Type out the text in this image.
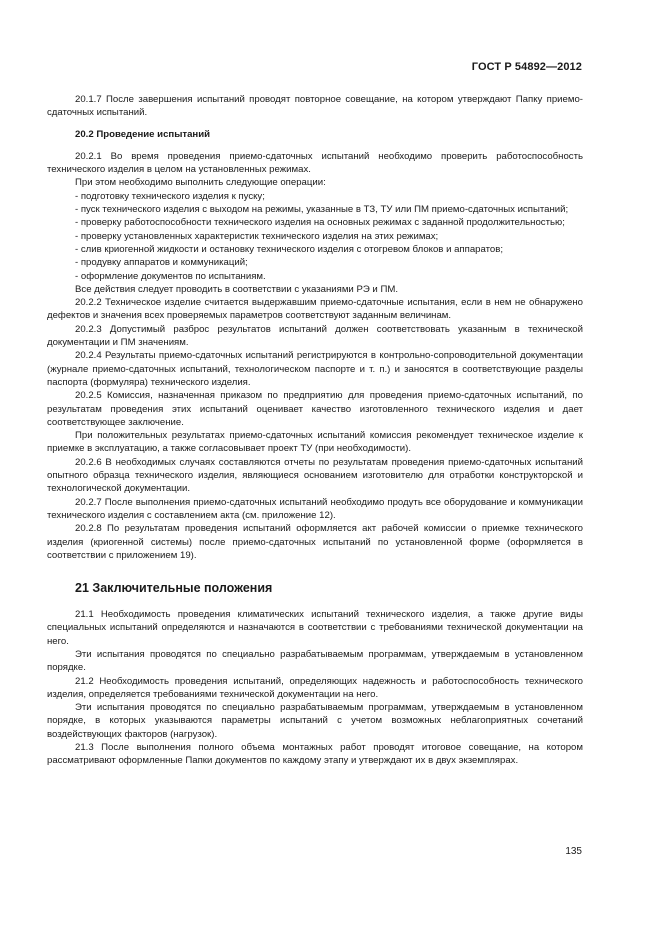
ГОСТ Р 54892—2012

20.1.7 После завершения испытаний проводят повторное совещание, на котором утверждают Папку приемо-сдаточных испытаний.

20.2 Проведение испытаний

20.2.1 Во время проведения приемо-сдаточных испытаний необходимо проверить работоспособность технического изделия в целом на установленных режимах.

При этом необходимо выполнить следующие операции:

- подготовку технического изделия к пуску;

- пуск технического изделия с выходом на режимы, указанные в ТЗ, ТУ или ПМ приемо-сдаточных испытаний;

- проверку работоспособности технического изделия на основных режимах с заданной продолжительностью;

- проверку установленных характеристик технического изделия на этих режимах;

- слив криогенной жидкости и остановку технического изделия с отогревом блоков и аппаратов;

- продувку аппаратов и коммуникаций;

- оформление документов по испытаниям.

Все действия следует проводить в соответствии с указаниями РЭ и ПМ.

20.2.2 Техническое изделие считается выдержавшим приемо-сдаточные испытания, если в нем не обнаружено дефектов и значения всех проверяемых параметров соответствуют заданным величинам.

20.2.3 Допустимый разброс результатов испытаний должен соответствовать указанным в технической документации и ПМ значениям.

20.2.4 Результаты приемо-сдаточных испытаний регистрируются в контрольно-сопроводительной документации (журнале приемо-сдаточных испытаний, технологическом паспорте и т. п.) и заносятся в соответствующие разделы паспорта (формуляра) технического изделия.

20.2.5 Комиссия, назначенная приказом по предприятию для проведения приемо-сдаточных испытаний, по результатам проведения этих испытаний оценивает качество изготовленного технического изделия и дает соответствующее заключение.

При положительных результатах приемо-сдаточных испытаний комиссия рекомендует техническое изделие к приемке в эксплуатацию, а также согласовывает проект ТУ (при необходимости).

20.2.6 В необходимых случаях составляются отчеты по результатам проведения приемо-сдаточных испытаний опытного образца технического изделия, являющиеся основанием изготовителю для отработки конструкторской и технологической документации.

20.2.7 После выполнения приемо-сдаточных испытаний необходимо продуть все оборудование и коммуникации технического изделия с составлением акта (см. приложение 12).

20.2.8 По результатам проведения испытаний оформляется акт рабочей комиссии о приемке технического изделия (криогенной системы) после приемо-сдаточных испытаний по установленной форме (оформляется в соответствии с приложением 19).

21 Заключительные положения

21.1 Необходимость проведения климатических испытаний технического изделия, а также другие виды специальных испытаний определяются и назначаются в соответствии с требованиями технической документации на него.

Эти испытания проводятся по специально разрабатываемым программам, утверждаемым в установленном порядке.

21.2 Необходимость проведения испытаний, определяющих надежность и работоспособность технического изделия, определяется требованиями технической документации на него.

Эти испытания проводятся по специально разрабатываемым программам, утверждаемым в установленном порядке, в которых указываются параметры испытаний с учетом возможных неблагоприятных сочетаний воздействующих факторов (нагрузок).

21.3 После выполнения полного объема монтажных работ проводят итоговое совещание, на котором рассматривают оформленные Папки документов по каждому этапу и утверждают их в двух экземплярах.

135
